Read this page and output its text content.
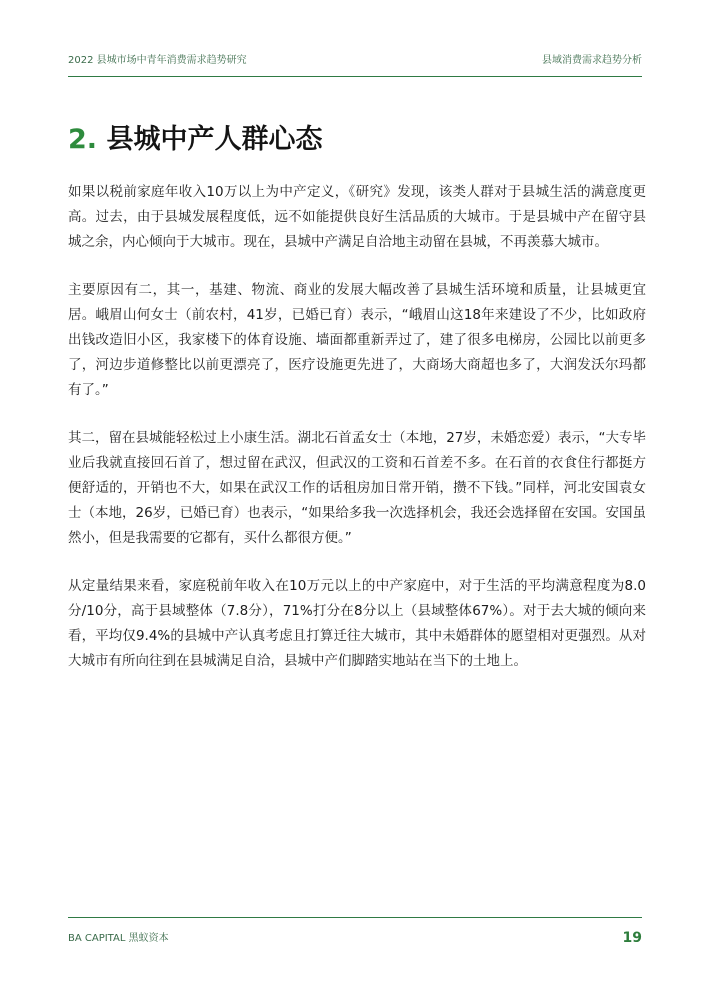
2022 县城市场中青年消费需求趋势研究	县域消费需求趋势分析
2. 县城中产人群心态

如果以税前家庭年收入10万以上为中产定义，《研究》发现，该类人群对于县城生活的满意度更高。过去，由于县城发展程度低，远不如能提供良好生活品质的大城市。于是县城中产在留守县城之余，内心倾向于大城市。现在，县城中产满足自洽地主动留在县城，不再羡慕大城市。

主要原因有二，其一，基建、物流、商业的发展大幅改善了县城生活环境和质量，让县城更宜居。峨眉山何女士（前农村，41岁，已婚已育）表示，“峨眉山这18年来建设了不少，比如政府出钱改造旧小区，我家楼下的体育设施、墙面都重新弄过了，建了很多电梯房，公园比以前更多了，河边步道修整比以前更漂亮了，医疗设施更先进了，大商场大商超也多了，大润发沃尔玛都有了。”

其二，留在县城能轻松过上小康生活。湖北石首孟女士（本地，27岁，未婚恋爱）表示，“大专毕业后我就直接回石首了，想过留在武汉，但武汉的工资和石首差不多。在石首的衣食住行都挺方便舒适的，开销也不大，如果在武汉工作的话租房加日常开销，攒不下钱。”同样，河北安国袁女士（本地，26岁，已婚已育）也表示，“如果给多我一次选择机会，我还会选择留在安国。安国虽然小，但是我需要的它都有，买什么都很方便。”

从定量结果来看，家庭税前年收入在10万元以上的中产家庭中，对于生活的平均满意程度为8.0分/10分，高于县域整体（7.8分），71%打分在8分以上（县域整体67%）。对于去大城的倾向来看，平均仅9.4%的县城中产认真考虑且打算迁往大城市，其中未婚群体的愿望相对更强烈。从对大城市有所向往到在县城满足自洽，县城中产们脚踏实地站在当下的土地上。

BA CAPITAL 黑蚁资本	19
